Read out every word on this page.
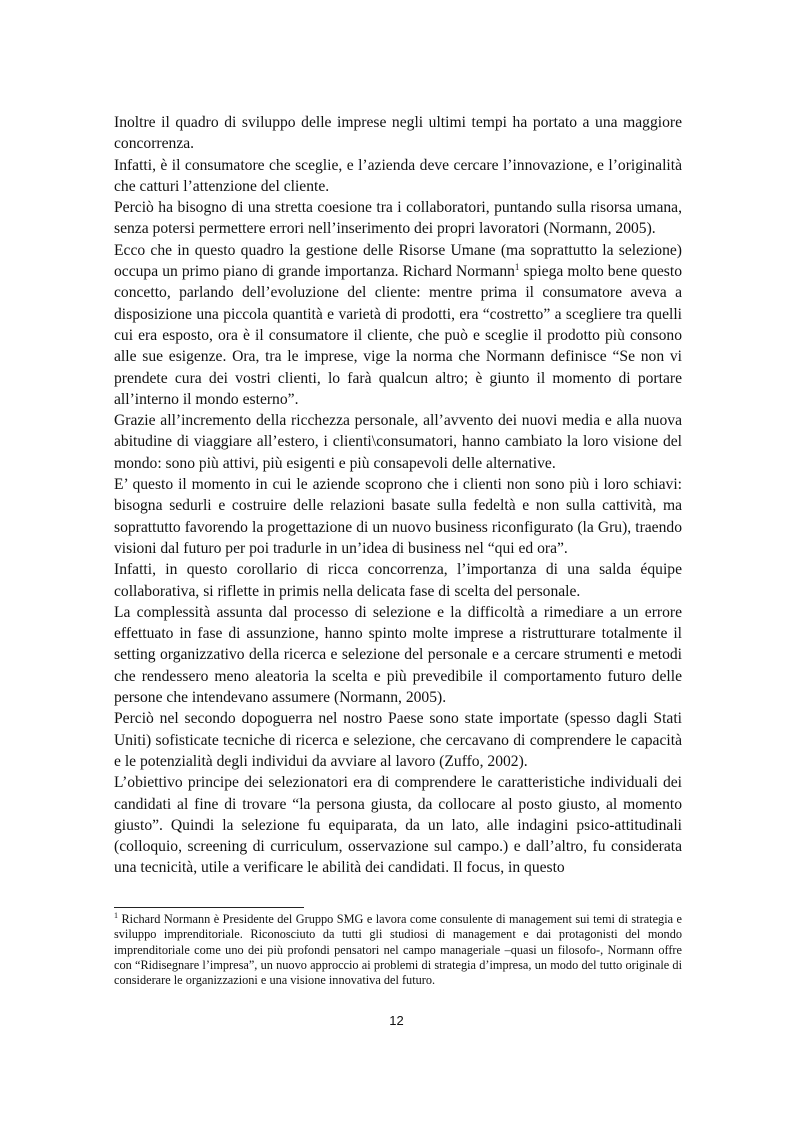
Inoltre il quadro di sviluppo delle imprese negli ultimi tempi ha portato a una maggiore concorrenza.

Infatti, è il consumatore che sceglie, e l’azienda deve cercare l’innovazione, e l’originalità che catturi l’attenzione del cliente.

Perciò ha bisogno di una stretta coesione tra i collaboratori, puntando sulla risorsa umana, senza potersi permettere errori nell’inserimento dei propri lavoratori (Normann, 2005).

Ecco che in questo quadro la gestione delle Risorse Umane (ma soprattutto la selezione) occupa un primo piano di grande importanza. Richard Normann$^1$ spiega molto bene questo concetto, parlando dell’evoluzione del cliente: mentre prima il consumatore aveva a disposizione una piccola quantità e varietà di prodotti, era “costretto” a scegliere tra quelli cui era esposto, ora è il consumatore il cliente, che può e sceglie il prodotto più consono alle sue esigenze. Ora, tra le imprese, vige la norma che Normann definisce “Se non vi prendete cura dei vostri clienti, lo farà qualcun altro; è giunto il momento di portare all’interno il mondo esterno”.

Grazie all’incremento della ricchezza personale, all’avvento dei nuovi media e alla nuova abitudine di viaggiare all’estero, i clienti\consumatori, hanno cambiato la loro visione del mondo: sono più attivi, più esigenti e più consapevoli delle alternative.

E’ questo il momento in cui le aziende scoprono che i clienti non sono più i loro schiavi: bisogna sedurli e costruire delle relazioni basate sulla fedeltà e non sulla cattività, ma soprattutto favorendo la progettazione di un nuovo business riconfigurato (la Gru), traendo visioni dal futuro per poi tradurle in un’idea di business nel “qui ed ora”.

Infatti, in questo corollario di ricca concorrenza, l’importanza di una salda équipe collaborativa, si riflette in primis nella delicata fase di scelta del personale.

La complessità assunta dal processo di selezione e la difficoltà a rimediare a un errore effettuato in fase di assunzione, hanno spinto molte imprese a ristrutturare totalmente il setting organizzativo della ricerca e selezione del personale e a cercare strumenti e metodi che rendessero meno aleatoria la scelta e più prevedibile il comportamento futuro delle persone che intendevano assumere (Normann, 2005).

Perciò nel secondo dopoguerra nel nostro Paese sono state importate (spesso dagli Stati Uniti) sofisticate tecniche di ricerca e selezione, che cercavano di comprendere le capacità e le potenzialità degli individui da avviare al lavoro (Zuffo, 2002).

L’obiettivo principe dei selezionatori era di comprendere le caratteristiche individuali dei candidati al fine di trovare “la persona giusta, da collocare al posto giusto, al momento giusto”. Quindi la selezione fu equiparata, da un lato, alle indagini psico-attitudinali (colloquio, screening di curriculum, osservazione sul campo.) e dall’altro, fu considerata una tecnicità, utile a verificare le abilità dei candidati. Il focus, in questo

$^1$ Richard Normann è Presidente del Gruppo SMG e lavora come consulente di management sui temi di strategia e sviluppo imprenditoriale. Riconosciuto da tutti gli studiosi di management e dai protagonisti del mondo imprenditoriale come uno dei più profondi pensatori nel campo manageriale –quasi un filosofo-, Normann offre con “Ridisegnare l’impresa”, un nuovo approccio ai problemi di strategia d’impresa, un modo del tutto originale di considerare le organizzazioni e una visione innovativa del futuro.

12
